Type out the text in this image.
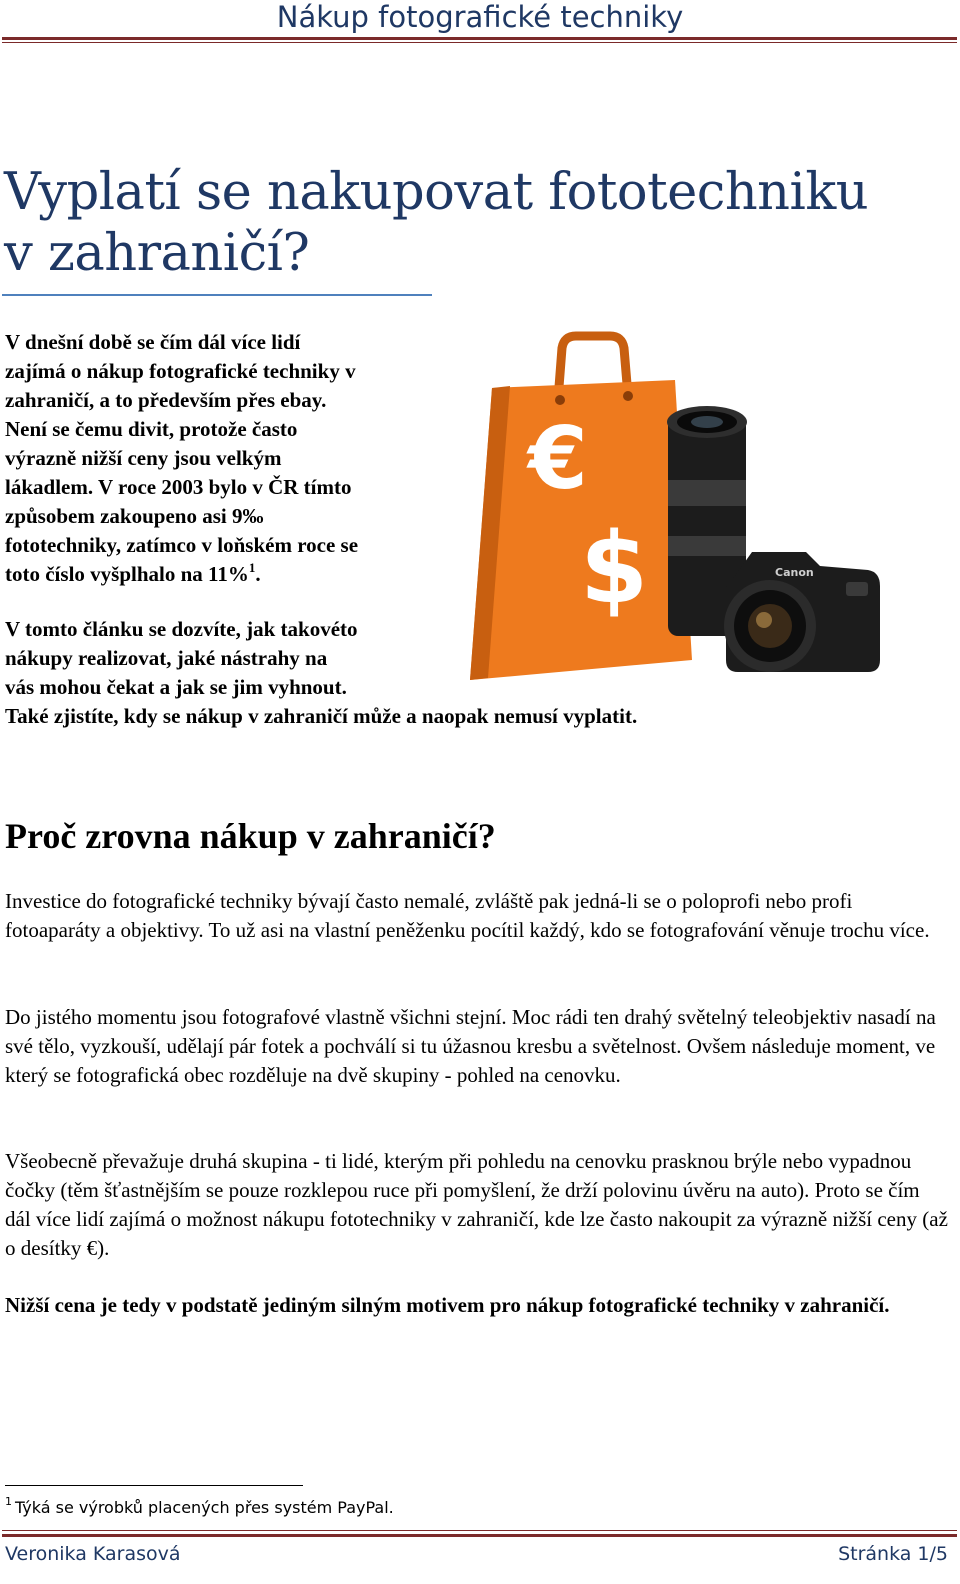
Nákup fotografické techniky
Vyplatí se nakupovat fototechniku v zahraničí?
V dnešní době se čím dál více lidí
zajímá o nákup fotografické techniky v
zahraničí, a to především přes ebay.
Není se čemu divit, protože často
výrazně nižší ceny jsou velkým
lákadlem. V roce 2003 bylo v ČR tímto
způsobem zakoupeno asi 9‰
fototechniky, zatímco v loňském roce se
toto číslo vyšplhalo na 11%$^1$.
V tomto článku se dozvíte, jak takovéto
nákupy realizovat, jaké nástrahy na
vás mohou čekat a jak se jim vyhnout.
Také zjistíte, kdy se nákup v zahraničí může a naopak nemusí vyplatit.
€
$	Canon
Proč zrovna nákup v zahraničí?

Investice do fotografické techniky bývají často nemalé, zvláště pak jedná-li se o poloprofi nebo profi fotoaparáty a objektivy. To už asi na vlastní peněženku pocítil každý, kdo se fotografování věnuje trochu více.

Do jistého momentu jsou fotografové vlastně všichni stejní. Moc rádi ten drahý světelný teleobjektiv nasadí na své tělo, vyzkouší, udělají pár fotek a pochválí si tu úžasnou kresbu a světelnost. Ovšem následuje moment, ve který se fotografická obec rozděluje na dvě skupiny - pohled na cenovku.

Všeobecně převažuje druhá skupina - ti lidé, kterým při pohledu na cenovku prasknou brýle nebo vypadnou čočky (těm šťastnějším se pouze rozklepou ruce při pomyšlení, že drží polovinu úvěru na auto). Proto se čím dál více lidí zajímá o možnost nákupu fototechniky v zahraničí, kde lze často nakoupit za výrazně nižší ceny (až o desítky €).

Nižší cena je tedy v podstatě jediným silným motivem pro nákup fotografické techniky v zahraničí.

$^1$ Týká se výrobků placených přes systém PayPal.
Veronika Karasová	Stránka 1/5
